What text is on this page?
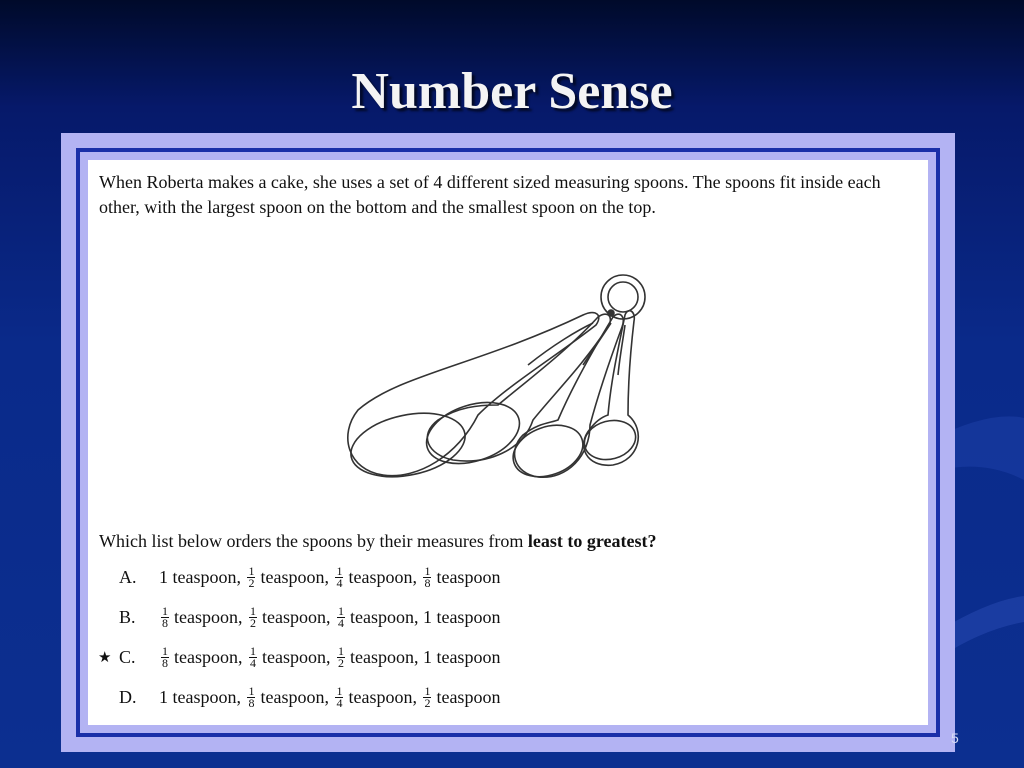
Number Sense
When Roberta makes a cake, she uses a set of 4 different sized measuring spoons. The spoons fit inside each other, with the largest spoon on the bottom and the smallest spoon on the top.
Which list below orders the spoons by their measures from least to greatest?
A.	1
teaspoon , $\frac{1}{2}$ teaspoon , $\frac{1}{4}$ teaspoon , $\frac{1}{8}$ teaspoon
B.	$\frac{1}{8}$ teaspoon , $\frac{1}{2}$ teaspoon , $\frac{1}{4}$ teaspoon , 1
teaspoon
★ C.	$\frac{1}{8}$ teaspoon , $\frac{1}{4}$ teaspoon , $\frac{1}{2}$ teaspoon , 1
teaspoon
D.	1
teaspoon , $\frac{1}{8}$ teaspoon , $\frac{1}{4}$ teaspoon , $\frac{1}{2}$ teaspoon
5
